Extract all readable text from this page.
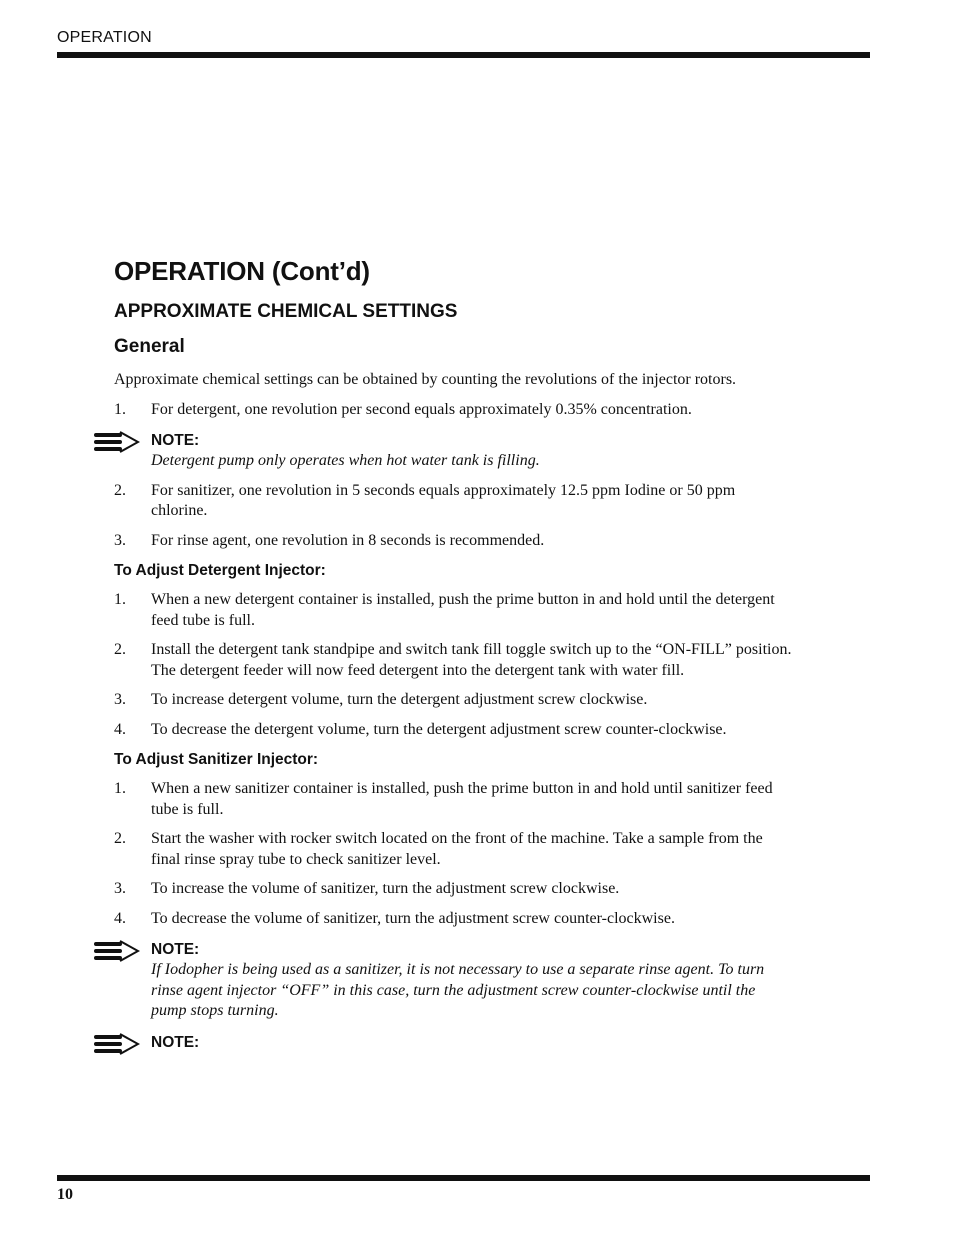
OPERATION
OPERATION (Cont’d)
APPROXIMATE CHEMICAL SETTINGS
General

Approximate chemical settings can be obtained by counting the revolutions of the injector rotors.

1.	For detergent, one revolution per second equals approximately 0.35% concentration.
NOTE:
Detergent pump only operates when hot water tank is filling.
2.	For sanitizer, one revolution in 5 seconds equals approximately 12.5 ppm Iodine or 50 ppm chlorine.
3.	For rinse agent, one revolution in 8 seconds is recommended.
To Adjust Detergent Injector:
1.	When a new detergent container is installed, push the prime button in and hold until the detergent feed tube is full.
2.	Install the detergent tank standpipe and switch tank fill toggle switch up to the “ON-FILL” position. The detergent feeder will now feed detergent into the detergent tank with water fill.
3.	To increase detergent volume, turn the detergent adjustment screw clockwise.
4.	To decrease the detergent volume, turn the detergent adjustment screw counter-clockwise.
To Adjust Sanitizer Injector:
1.	When a new sanitizer container is installed, push the prime button in and hold until sanitizer feed tube is full.
2.	Start the washer with rocker switch located on the front of the machine. Take a sample from the final rinse spray tube to check sanitizer level.
3.	To increase the volume of sanitizer, turn the adjustment screw clockwise.
4.	To decrease the volume of sanitizer, turn the adjustment screw counter-clockwise.
NOTE:
If Iodopher is being used as a sanitizer, it is not necessary to use a separate rinse agent. To turn rinse agent injector “OFF” in this case, turn the adjustment screw counter-clockwise until the pump stops turning.
NOTE:
10
